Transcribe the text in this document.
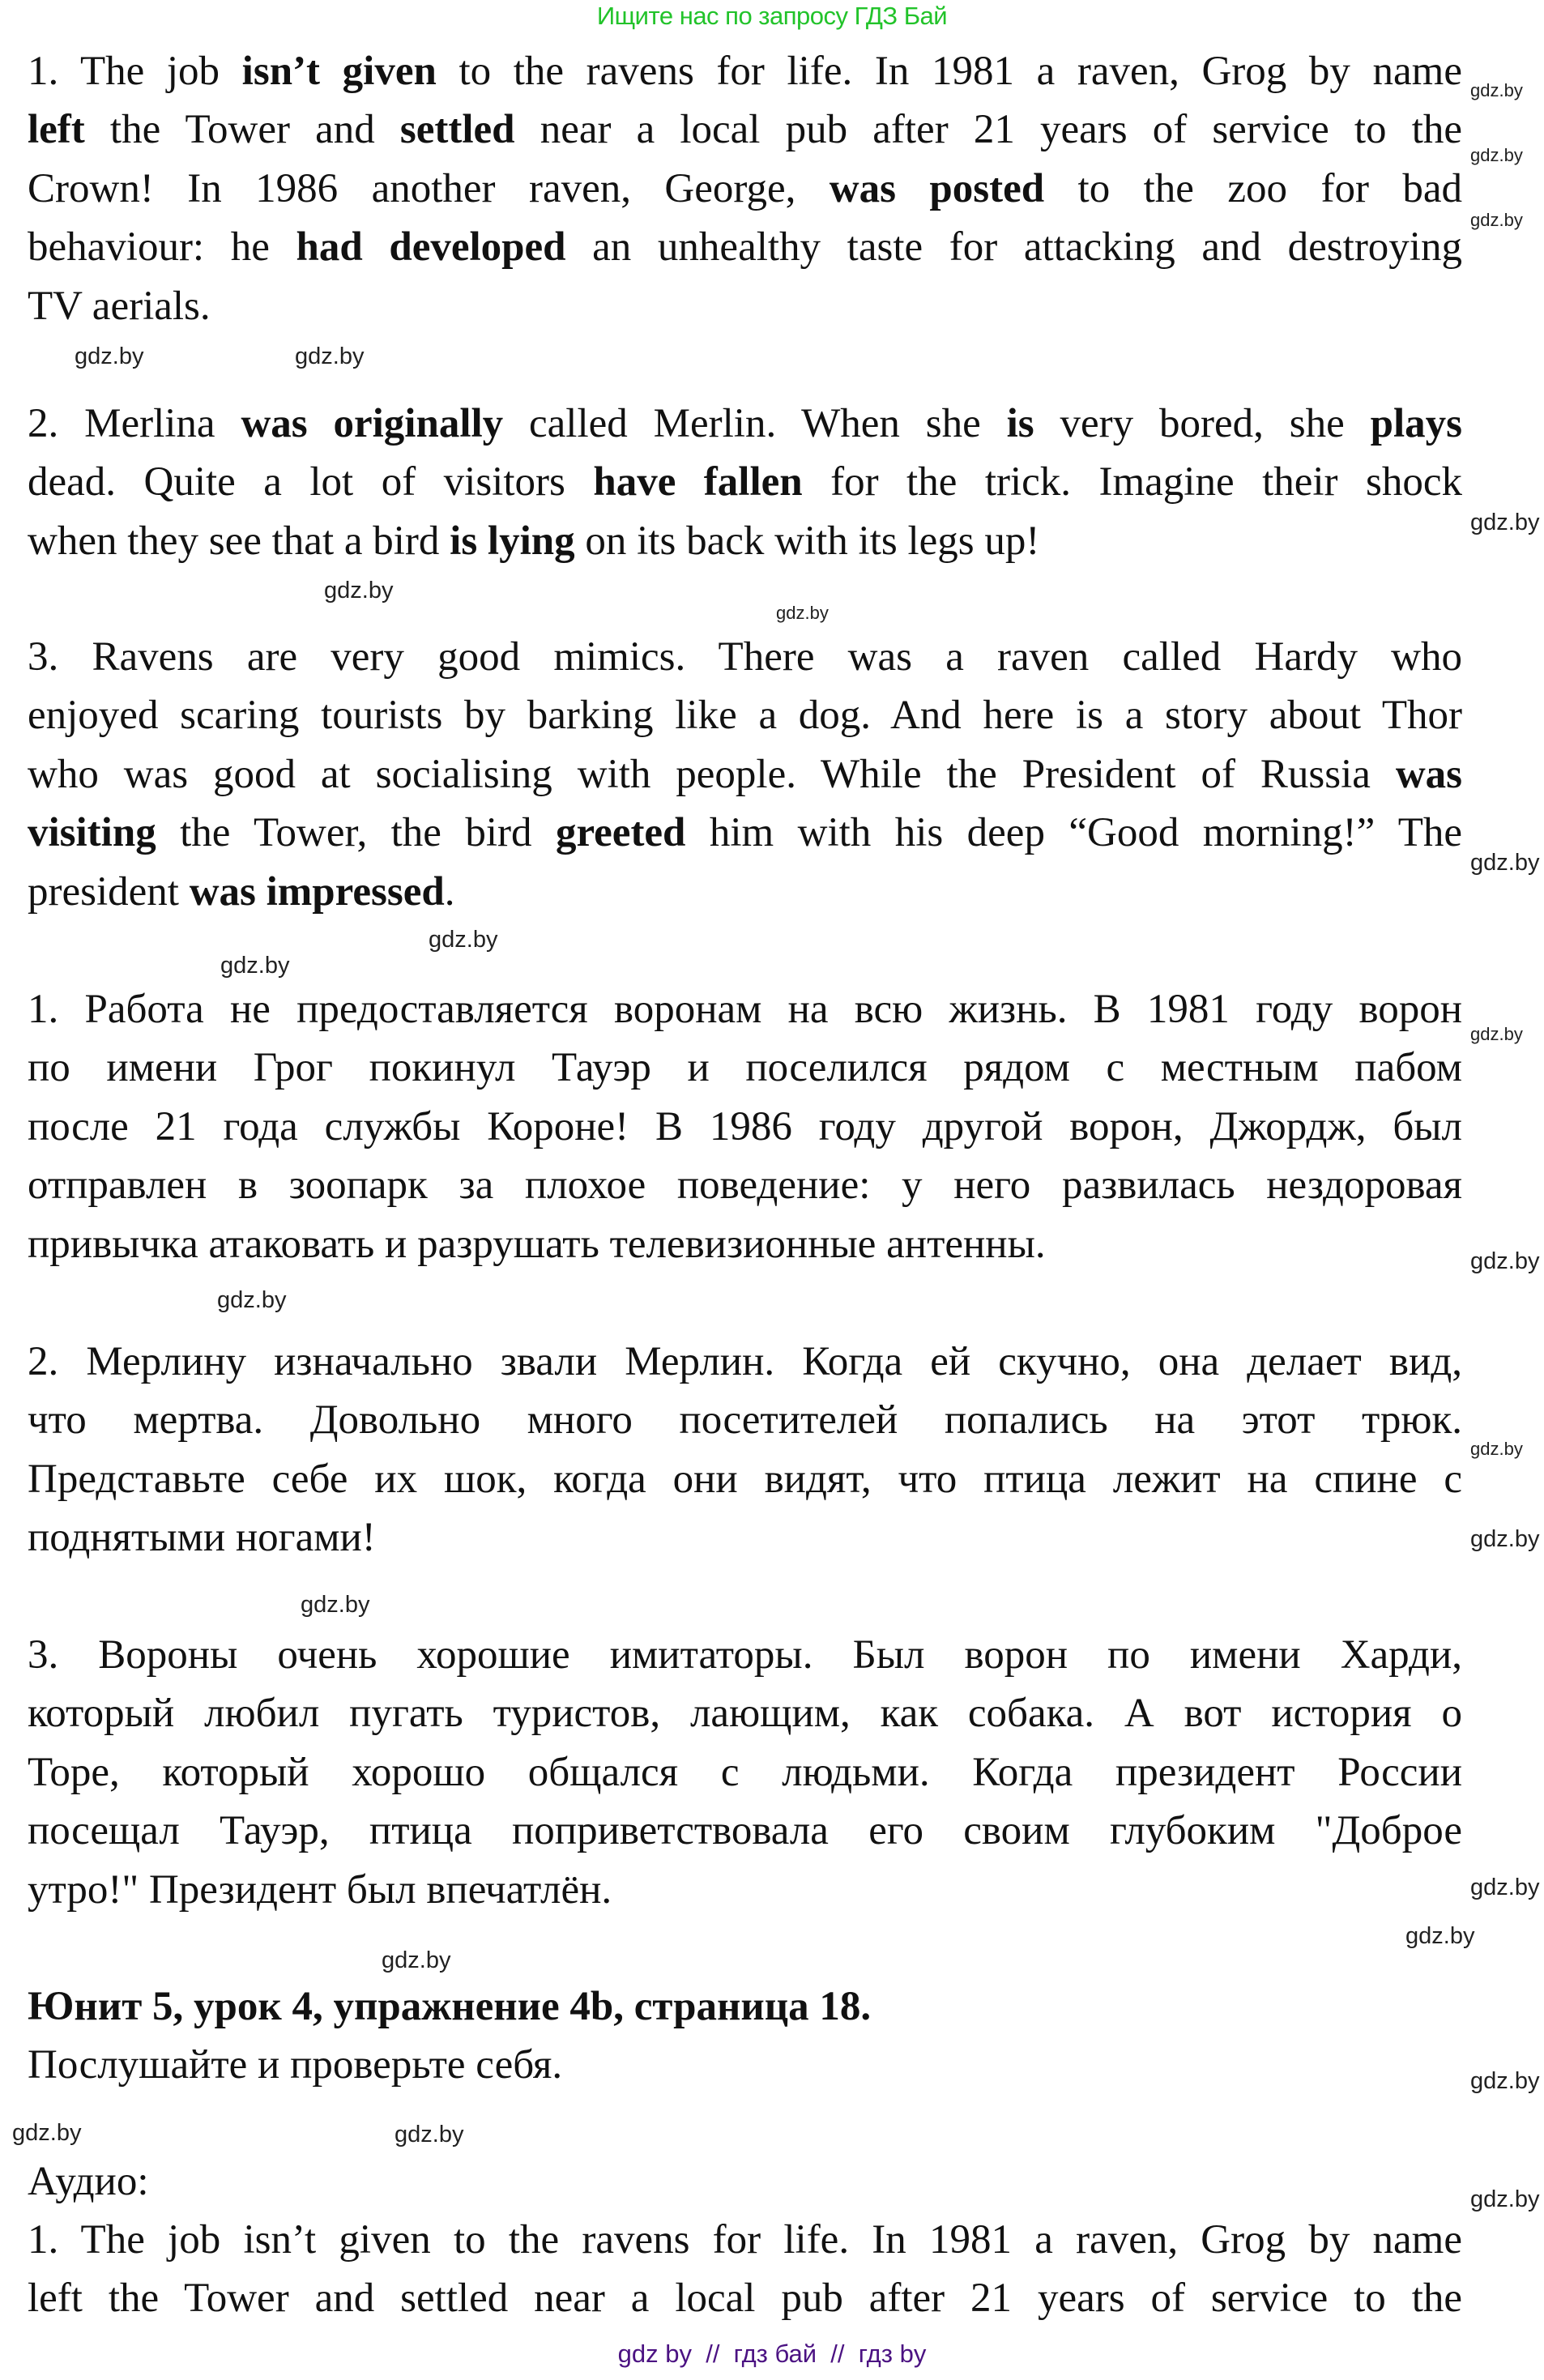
Ищите нас по запросу ГДЗ Бай
1. The job isn’t given to the ravens for life. In 1981 a raven, Grog by name
left the Tower and settled near a local pub after 21 years of service to the
Crown! In 1986 another raven, George, was posted to the zoo for bad
behaviour: he had developed an unhealthy taste for attacking and destroying
TV aerials.
2. Merlina was originally called Merlin. When she is very bored, she plays
dead. Quite a lot of visitors have fallen for the trick. Imagine their shock
when they see that a bird is lying on its back with its legs up!
3. Ravens are very good mimics. There was a raven called Hardy who
enjoyed scaring tourists by barking like a dog. And here is a story about Thor
who was good at socialising with people. While the President of Russia was
visiting the Tower, the bird greeted him with his deep “Good morning!” The
president was impressed.
1. Работа не предоставляется воронам на всю жизнь. В 1981 году ворон
по имени Грог покинул Тауэр и поселился рядом с местным пабом
после 21 года службы Короне! В 1986 году другой ворон, Джордж, был
отправлен в зоопарк за плохое поведение: у него развилась нездоровая
привычка атаковать и разрушать телевизионные антенны.
2. Мерлину изначально звали Мерлин. Когда ей скучно, она делает вид,
что мертва. Довольно много посетителей попались на этот трюк.
Представьте себе их шок, когда они видят, что птица лежит на спине с
поднятыми ногами!
3. Вороны очень хорошие имитаторы. Был ворон по имени Харди,
который любил пугать туристов, лающим, как собака. А вот история о
Торе, который хорошо общался с людьми. Когда президент России
посещал Тауэр, птица поприветствовала его своим глубоким "Доброе
утро!" Президент был впечатлён.
Юнит 5, урок 4, упражнение 4b, страница 18.
Послушайте и проверьте себя.
Аудио:
1. The job isn’t given to the ravens for life. In 1981 a raven, Grog by name
left the Tower and settled near a local pub after 21 years of service to the
gdz.by
gdz.by
gdz.by
gdz.by
gdz.by
gdz.by
gdz.by
gdz.by
gdz.by
gdz.by
gdz.by
gdz.by
gdz.by
gdz.by
gdz.by
gdz.by
gdz.by
gdz.by
gdz.by
gdz.by
gdz.by
gdz.by	gdz.by
gdz.by
gdz by  //  гдз бай  //  гдз by
